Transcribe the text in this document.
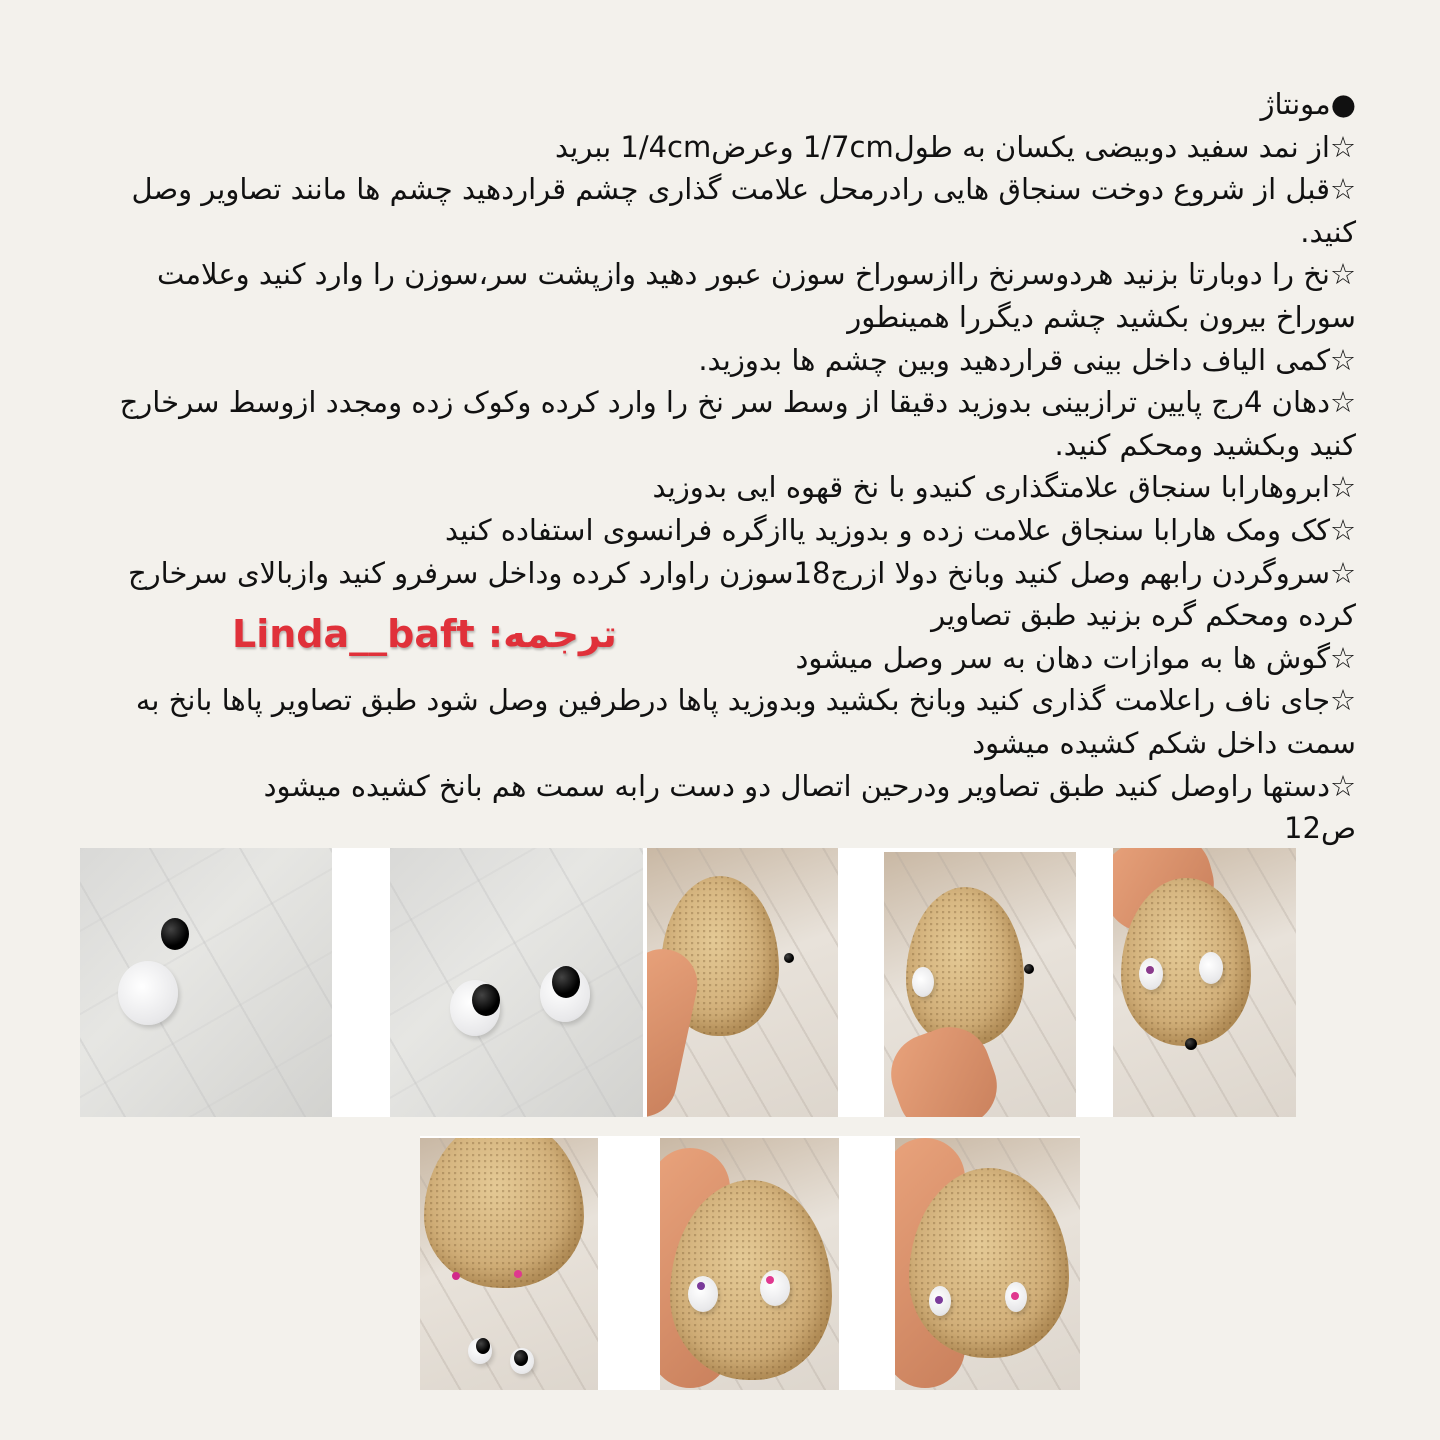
●مونتاژ

☆از نمد سفید دوبیضی یکسان به طول1/7cm وعرض1/4cm ببرید

☆قبل از شروع دوخت سنجاق هایی رادرمحل علامت گذاری چشم قراردهید چشم ها مانند تصاویر وصل کنید.

☆نخ را دوبارتا بزنید هردوسرنخ راازسوراخ سوزن عبور دهید وازپشت سر،سوزن را وارد کنید وعلامت سوراخ بیرون بکشید چشم دیگررا همینطور

☆کمی الیاف داخل بینی قراردهید وبین چشم ها بدوزید.

☆دهان 4رج پایین ترازبینی بدوزید دقیقا از وسط سر نخ را وارد کرده وکوک زده ومجدد ازوسط سرخارج کنید وبکشید ومحکم کنید.

☆ابروهارابا سنجاق علامتگذاری کنیدو با نخ قهوه ایی بدوزید

☆کک ومک هارابا سنجاق علامت زده و بدوزید یاازگره فرانسوی استفاده کنید

☆سروگردن رابهم وصل کنید وبانخ دولا ازرج18سوزن راوارد کرده وداخل سرفرو کنید وازبالای سرخارج کرده ومحکم گره بزنید طبق تصاویر

☆گوش ها به موازات دهان به سر وصل میشود

☆جای ناف راعلامت گذاری کنید وبانخ بکشید وبدوزید پاها درطرفین وصل شود طبق تصاویر پاها بانخ به سمت داخل شکم کشیده میشود

☆دستها راوصل کنید طبق تصاویر ودرحین اتصال دو دست رابه سمت هم بانخ کشیده میشود

ص12

ترجمه: Linda__baft
